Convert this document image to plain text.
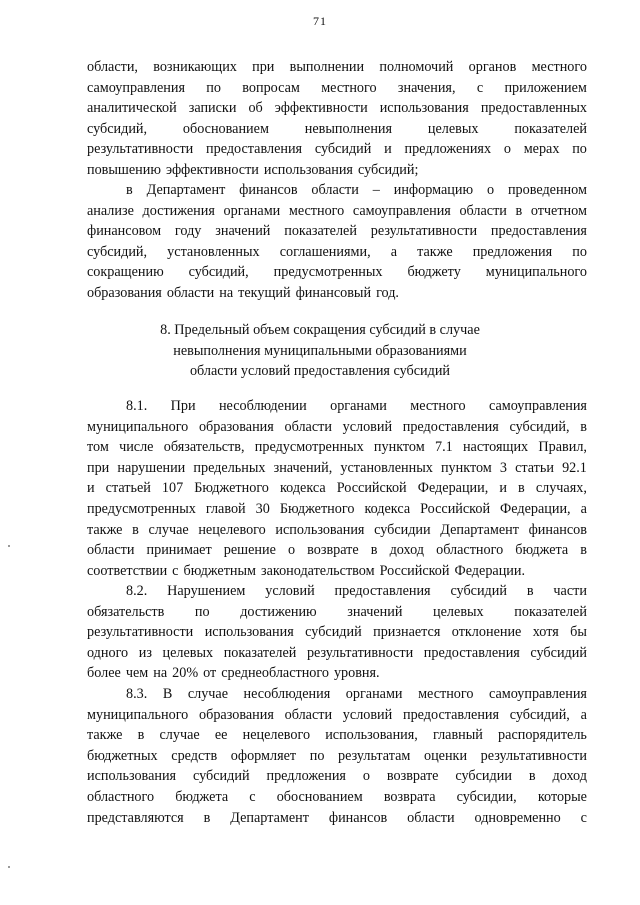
71
области, возникающих при выполнении полномочий органов местного
самоуправления по вопросам местного значения, с приложением
аналитической записки об эффективности использования предоставленных
субсидий,	обоснованием	невыполнения	целевых	показателей
результативности предоставления субсидий и предложениях о мерах по
повышению эффективности использования субсидий;
в Департамент финансов области – информацию о проведенном
анализе достижения органами местного самоуправления области в отчетном
финансовом году значений показателей результативности предоставления
субсидий, установленных соглашениями, а также предложения по
сокращению субсидий, предусмотренных бюджету муниципального
образования области на текущий финансовый год.
8. Предельный объем сокращения субсидий в случае
невыполнения муниципальными образованиями
области условий предоставления субсидий
8.1. При несоблюдении органами местного самоуправления
муниципального образования области условий предоставления субсидий, в
том числе обязательств, предусмотренных пунктом 7.1 настоящих Правил,
при нарушении предельных значений, установленных пунктом 3 статьи 92.1
и статьей 107 Бюджетного кодекса Российской Федерации, и в случаях,
предусмотренных главой 30 Бюджетного кодекса Российской Федерации, а
также в случае нецелевого использования субсидии Департамент финансов
области принимает решение о возврате в доход областного бюджета в
соответствии с бюджетным законодательством Российской Федерации.
8.2. Нарушением условий предоставления субсидий в части
обязательств по достижению значений целевых показателей
результативности использования субсидий признается отклонение хотя бы
одного из целевых показателей результативности предоставления субсидий
более чем на 20% от среднеобластного уровня.
8.3. В случае несоблюдения органами местного самоуправления
муниципального образования области условий предоставления субсидий, а
также в случае ее нецелевого использования, главный распорядитель
бюджетных средств оформляет по результатам оценки результативности
использования субсидий предложения о возврате субсидии в доход
областного бюджета с обоснованием возврата субсидии, которые
представляются в Департамент финансов области одновременно с
